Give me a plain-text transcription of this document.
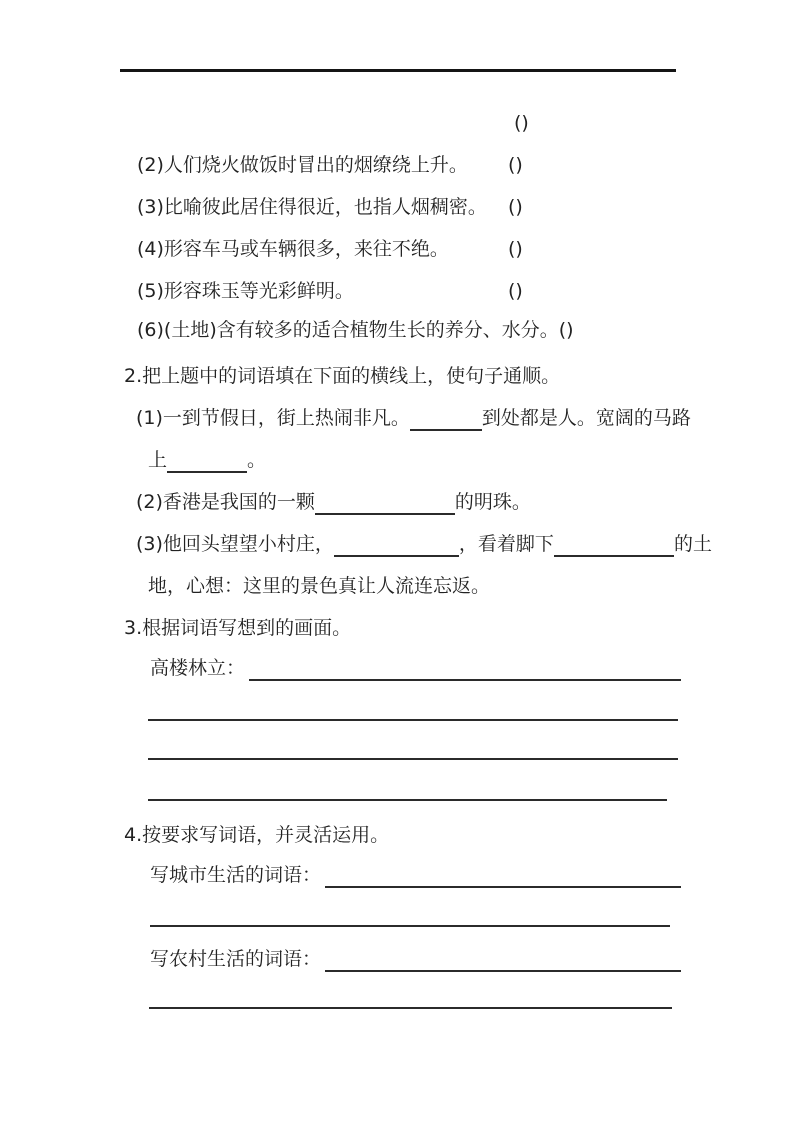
()
(2)人们烧火做饭时冒出的烟缭绕上升。 ()
(3)比喻彼此居住得很近，也指人烟稠密。 ()
(4)形容车马或车辆很多，来往不绝。	()
(5)形容珠玉等光彩鲜明。	()
(6)(土地)含有较多的适合植物生长的养分、水分。()
2.把上题中的词语填在下面的横线上，使句子通顺。
(1)一到节假日，街上热闹非凡。	到处都是人。宽阔的马路
上	。
(2)香港是我国的一颗	的明珠。
(3)他回头望望小村庄，	，看着脚下	的土
地，心想：这里的景色真让人流连忘返。
3.根据词语写想到的画面。
高楼林立：
4.按要求写词语，并灵活运用。
写城市生活的词语：
写农村生活的词语：
